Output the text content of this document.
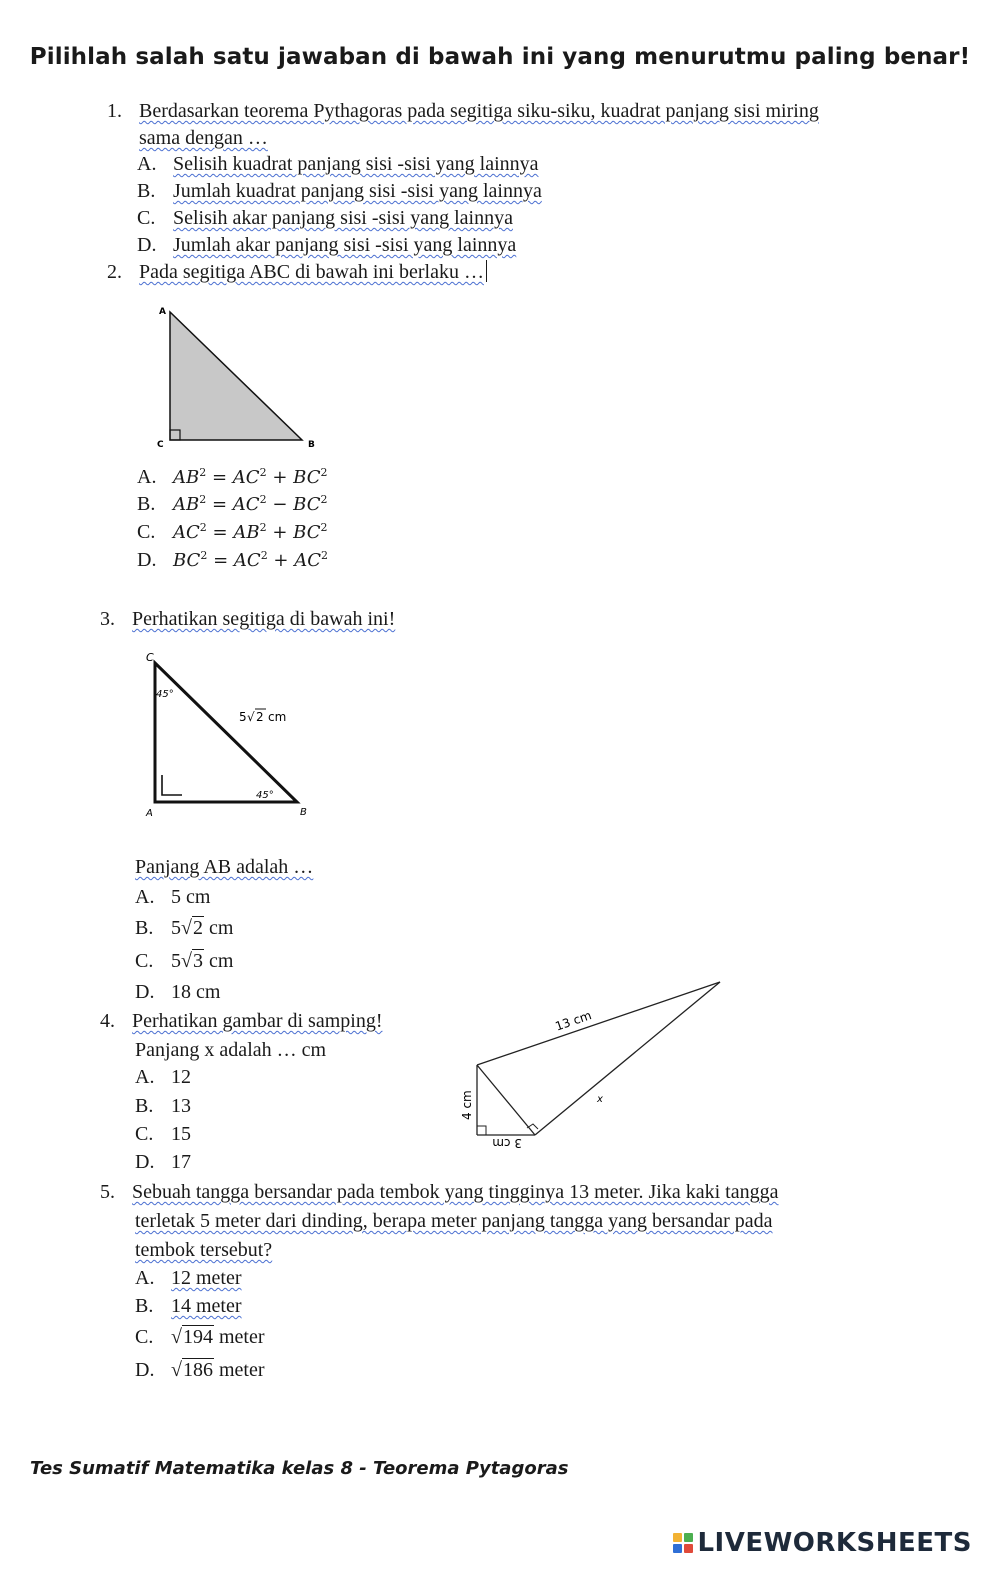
Pilihlah salah satu jawaban di bawah ini yang menurutmu paling benar!
1. Berdasarkan teorema Pythagoras pada segitiga siku-siku, kuadrat panjang sisi miring
sama dengan …
A. Selisih kuadrat panjang sisi -sisi yang lainnya
B. Jumlah kuadrat panjang sisi -sisi yang lainnya
C. Selisih akar panjang sisi -sisi yang lainnya
D. Jumlah akar panjang sisi -sisi yang lainnya
2. Pada segitiga ABC di bawah ini berlaku …
A
C	B
A. $AB^2 = AC^2 + BC^2$
B. $AB^2 = AC^2 - BC^2$
C. $AC^2 = AB^2 + BC^2$
D. $BC^2 = AC^2 + AC^2$
3. Perhatikan segitiga di bawah ini!
C
45°
A	B
45°
5 √ 2 cm
Panjang AB adalah …
A. 5 cm
B. 5√2 cm
C. 5√3 cm
D. 18 cm
4. Perhatikan gambar di samping!
Panjang x adalah … cm
A. 12
B. 13
C. 15
D. 17
13 cm
4 cm
3 cm
x
5. Sebuah tangga bersandar pada tembok yang tingginya 13 meter. Jika kaki tangga
terletak 5 meter dari dinding, berapa meter panjang tangga yang bersandar pada
tembok tersebut?
A. 12 meter
B. 14 meter
C. √194 meter
D. √186 meter
Tes Sumatif Matematika kelas 8 - Teorema Pytagoras
LIVEWORKSHEETS
